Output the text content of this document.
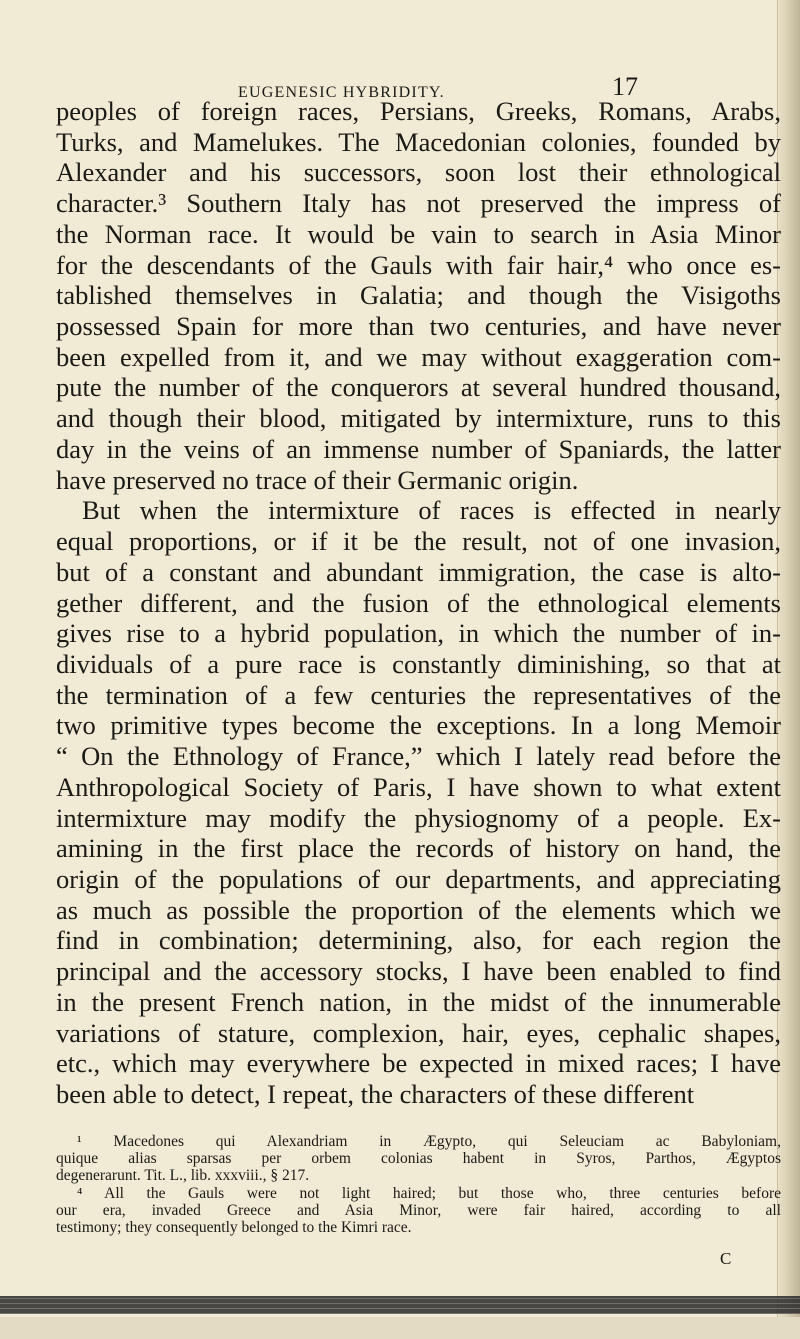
EUGENESIC HYBRIDITY.	17
peoples of foreign races, Persians, Greeks, Romans, Arabs,
Turks, and Mamelukes. The Macedonian colonies, founded by
Alexander and his successors, soon lost their ethnological
character.³ Southern Italy has not preserved the impress of
the Norman race. It would be vain to search in Asia Minor
for the descendants of the Gauls with fair hair,⁴ who once es-
tablished themselves in Galatia; and though the Visigoths
possessed Spain for more than two centuries, and have never
been expelled from it, and we may without exaggeration com-
pute the number of the conquerors at several hundred thousand,
and though their blood, mitigated by intermixture, runs to this
day in the veins of an immense number of Spaniards, the latter
have preserved no trace of their Germanic origin.
But when the intermixture of races is effected in nearly
equal proportions, or if it be the result, not of one invasion,
but of a constant and abundant immigration, the case is alto-
gether different, and the fusion of the ethnological elements
gives rise to a hybrid population, in which the number of in-
dividuals of a pure race is constantly diminishing, so that at
the termination of a few centuries the representatives of the
two primitive types become the exceptions. In a long Memoir
“ On the Ethnology of France,” which I lately read before the
Anthropological Society of Paris, I have shown to what extent
intermixture may modify the physiognomy of a people. Ex-
amining in the first place the records of history on hand, the
origin of the populations of our departments, and appreciating
as much as possible the proportion of the elements which we
find in combination; determining, also, for each region the
principal and the accessory stocks, I have been enabled to find
in the present French nation, in the midst of the innumerable
variations of stature, complexion, hair, eyes, cephalic shapes,
etc., which may everywhere be expected in mixed races; I have
been able to detect, I repeat, the characters of these different
¹ Macedones qui Alexandriam in Ægypto, qui Seleuciam ac Babyloniam,
quique alias sparsas per orbem colonias habent in Syros, Parthos, Ægyptos
degenerarunt. Tit. L., lib. xxxviii., § 217.
⁴ All the Gauls were not light haired; but those who, three centuries before
our era, invaded Greece and Asia Minor, were fair haired, according to all
testimony; they consequently belonged to the Kimri race.
C
